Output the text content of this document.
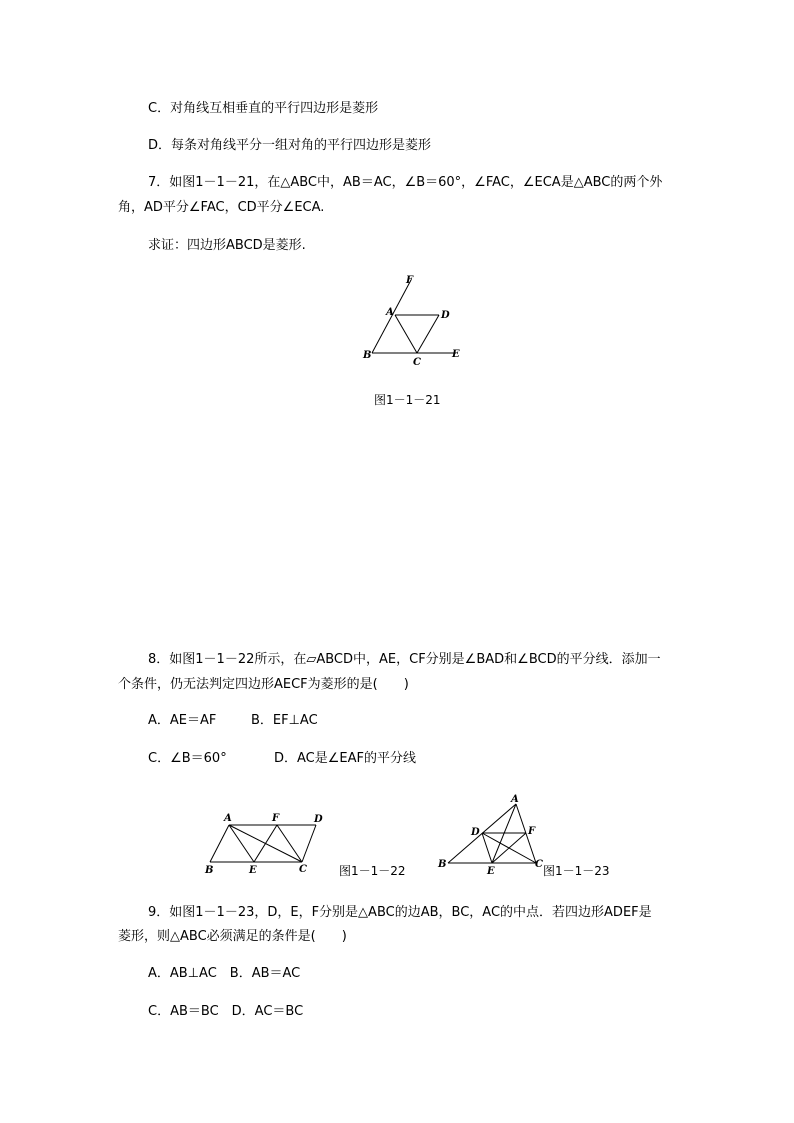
C．对角线互相垂直的平行四边形是菱形
D．每条对角线平分一组对角的平行四边形是菱形
7．如图1－1－21，在△ABC中，AB＝AC，∠B＝60°，∠FAC，∠ECA是△ABC的两个外
角，AD平分∠FAC，CD平分∠ECA.
求证：四边形ABCD是菱形.
F
A	D
B
C
E
图1－1－21
8．如图1－1－22所示，在▱ABCD中，AE，CF分别是∠BAD和∠BCD的平分线．添加一
个条件，仍无法判定四边形AECF为菱形的是(　　)
A．AE＝AF	B．EF⊥AC
C．∠B＝60°	D．AC是∠EAF的平分线
A	F	D
B	E	C	图1－1－22
A
D	F
B
E
C 图1－1－23
9．如图1－1－23，D，E，F分别是△ABC的边AB，BC，AC的中点．若四边形ADEF是
菱形，则△ABC必须满足的条件是(　　)
A．AB⊥AC　B．AB＝AC
C．AB＝BC　D．AC＝BC
